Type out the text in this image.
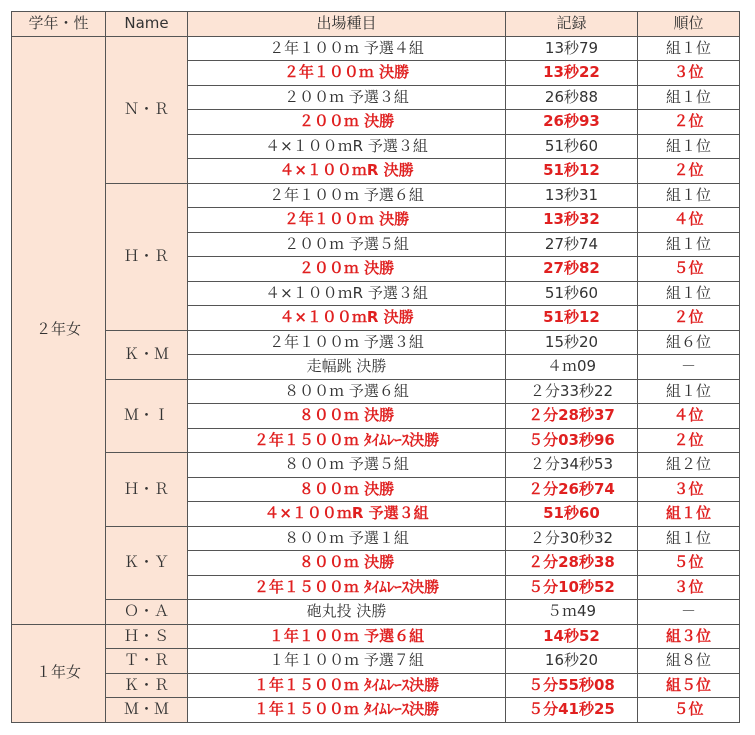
学年・性	Name	出場種目	記録	順位
２年女	Ｎ・Ｒ	２年１００ｍ 予選４組	13秒79	組１位
		２年１００ｍ 決勝	13秒22	３位
		２００ｍ 予選３組	26秒88	組１位
		２００ｍ 決勝	26秒93	２位
		４×１００ｍR 予選３組	51秒60	組１位
		４×１００ｍR 決勝	51秒12	２位
	Ｈ・Ｒ	２年１００ｍ 予選６組	13秒31	組１位
		２年１００ｍ 決勝	13秒32	４位
		２００ｍ 予選５組	27秒74	組１位
		２００ｍ 決勝	27秒82	５位
		４×１００ｍR 予選３組	51秒60	組１位
		４×１００ｍR 決勝	51秒12	２位
	Ｋ・Ｍ	２年１００ｍ 予選３組	15秒20	組６位
		走幅跳 決勝	４ｍ09	－
	Ｍ・Ｉ	８００ｍ 予選６組	２分33秒22	組１位
		８００ｍ 決勝	２分28秒37	４位
		２年１５００ｍ ﾀｲﾑﾚｰｽ決勝	５分03秒96	２位
	Ｈ・Ｒ	８００ｍ 予選５組	２分34秒53	組２位
		８００ｍ 決勝	２分26秒74	３位
		４×１００ｍR 予選３組	51秒60	組１位
	Ｋ・Ｙ	８００ｍ 予選１組	２分30秒32	組１位
		８００ｍ 決勝	２分28秒38	５位
		２年１５００ｍ ﾀｲﾑﾚｰｽ決勝	５分10秒52	３位
	Ｏ・Ａ	砲丸投 決勝	５ｍ49	－
１年女	Ｈ・Ｓ	１年１００ｍ 予選６組	14秒52	組３位
	Ｔ・Ｒ	１年１００ｍ 予選７組	16秒20	組８位
	Ｋ・Ｒ	１年１５００ｍ ﾀｲﾑﾚｰｽ決勝	５分55秒08	組５位
	Ｍ・Ｍ	１年１５００ｍ ﾀｲﾑﾚｰｽ決勝	５分41秒25	５位
